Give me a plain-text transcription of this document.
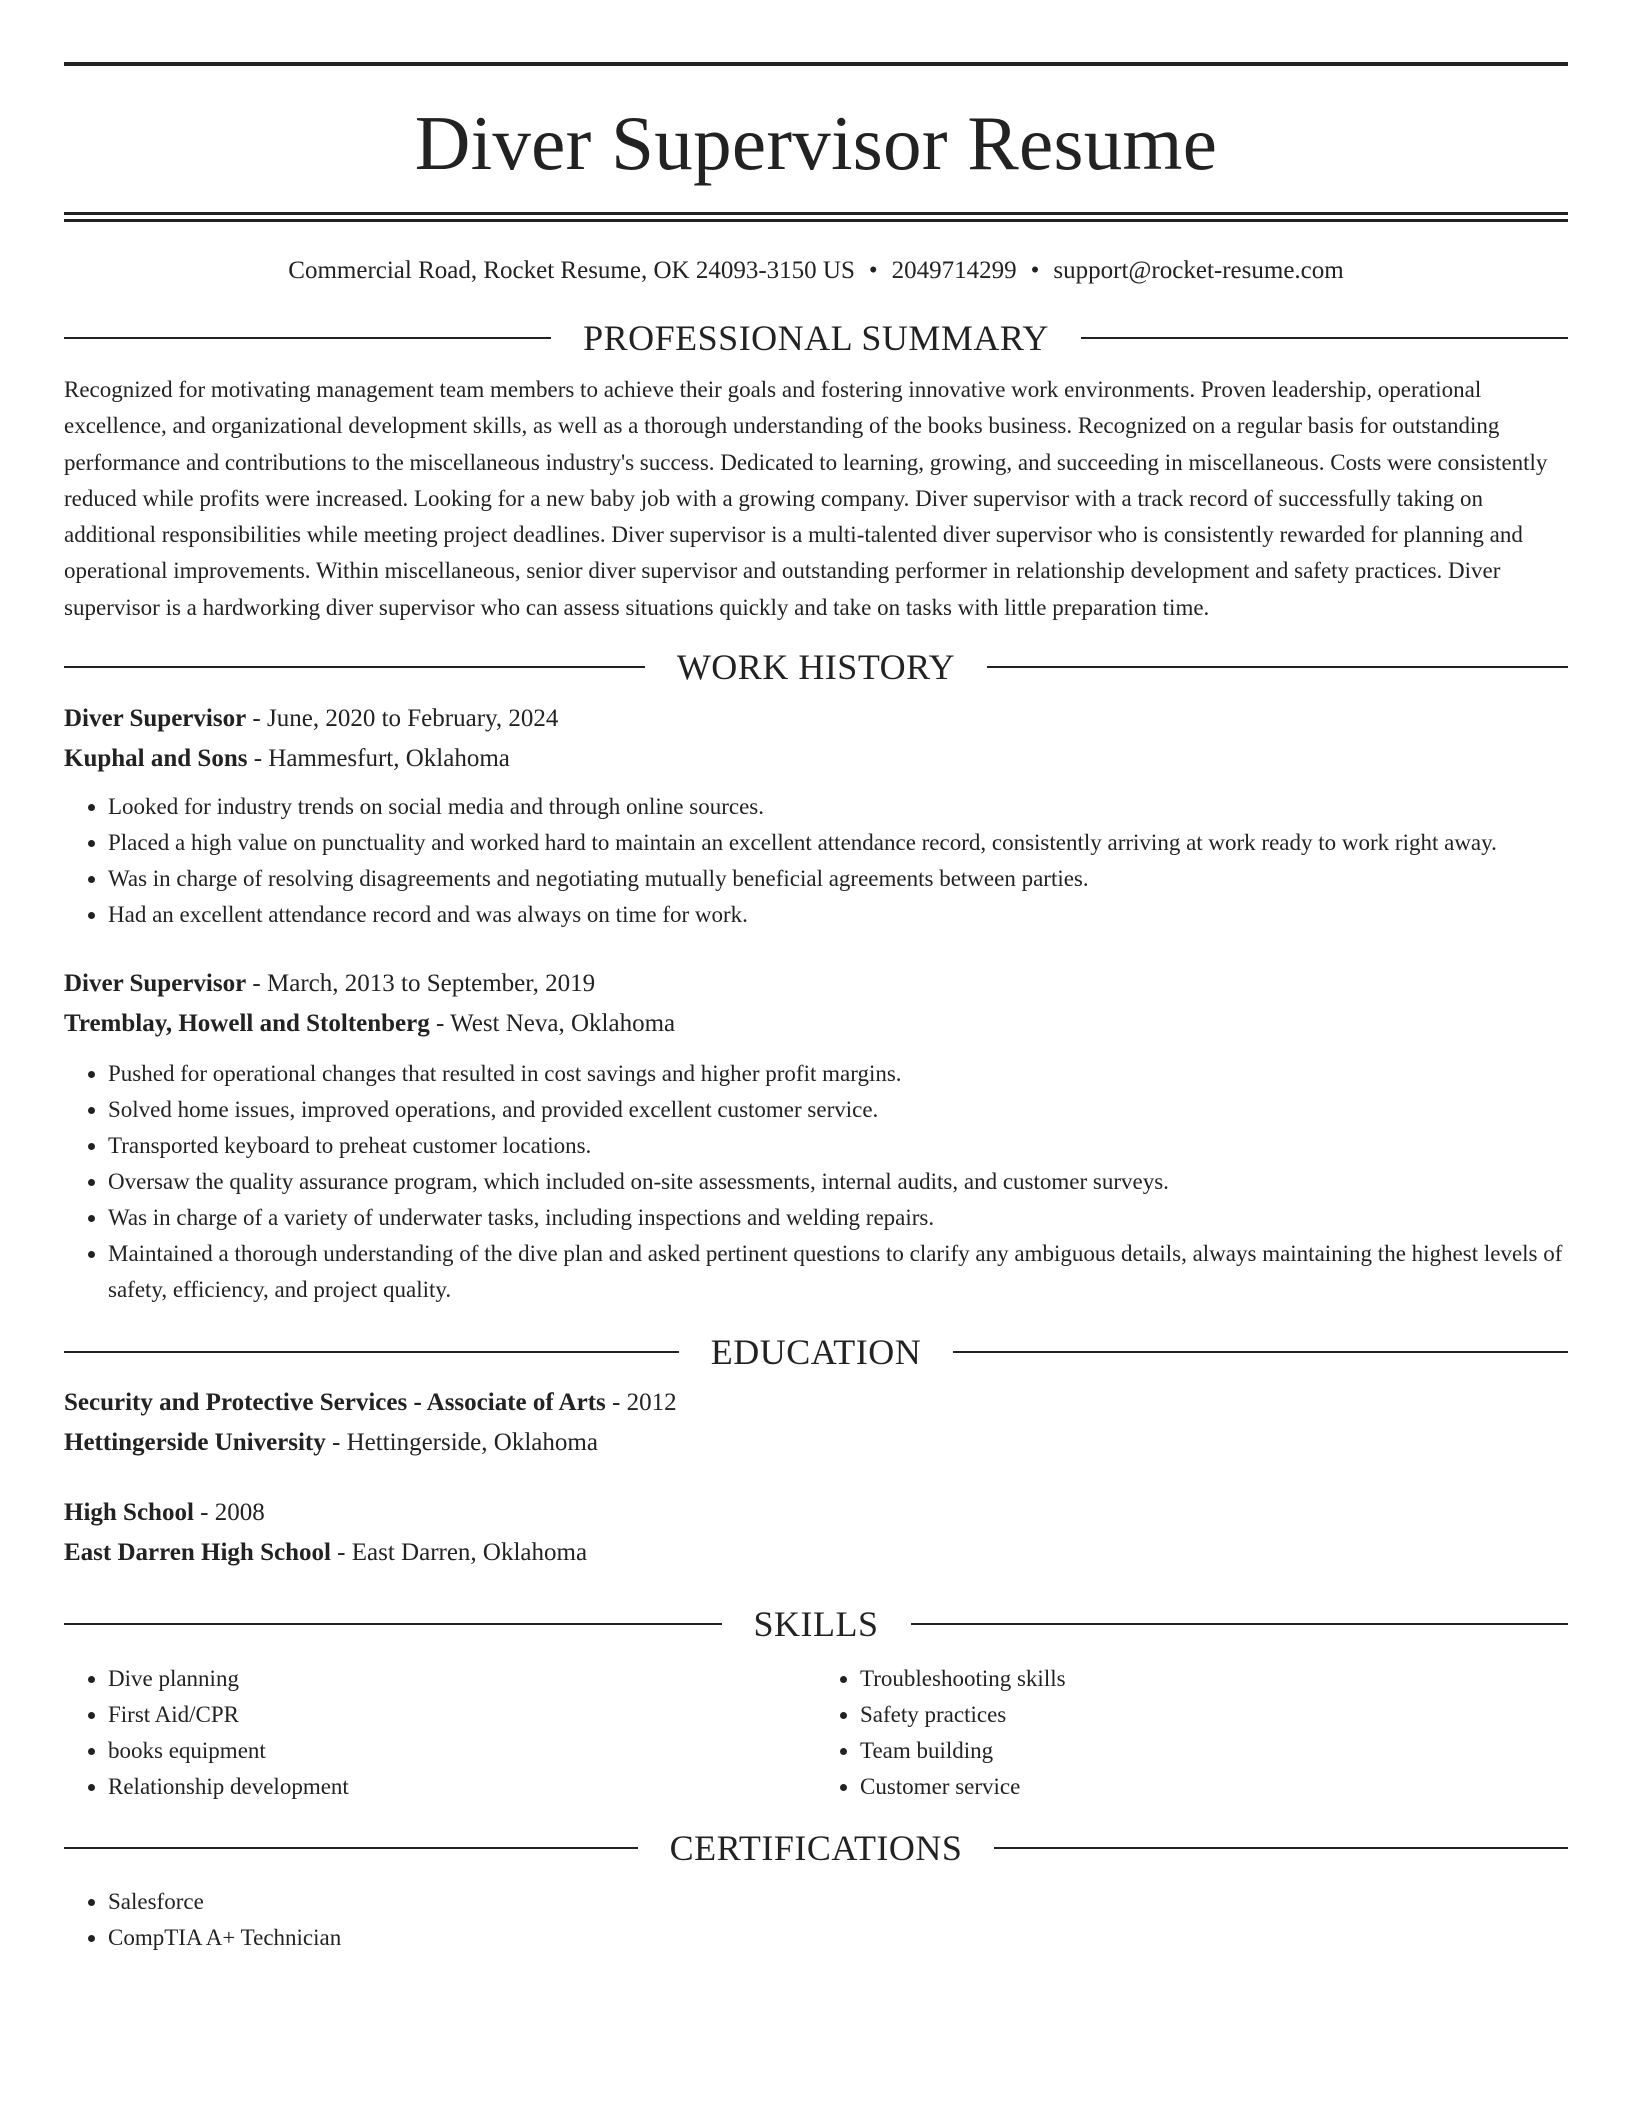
Diver Supervisor Resume
Commercial Road, Rocket Resume, OK 24093-3150 US • 2049714299 • support@rocket-resume.com
PROFESSIONAL SUMMARY

Recognized for motivating management team members to achieve their goals and fostering innovative work environments. Proven leadership, operational excellence, and organizational development skills, as well as a thorough understanding of the books business. Recognized on a regular basis for outstanding performance and contributions to the miscellaneous industry's success. Dedicated to learning, growing, and succeeding in miscellaneous. Costs were consistently reduced while profits were increased. Looking for a new baby job with a growing company. Diver supervisor with a track record of successfully taking on additional responsibilities while meeting project deadlines. Diver supervisor is a multi-talented diver supervisor who is consistently rewarded for planning and operational improvements. Within miscellaneous, senior diver supervisor and outstanding performer in relationship development and safety practices. Diver supervisor is a hardworking diver supervisor who can assess situations quickly and take on tasks with little preparation time.

WORK HISTORY
Diver Supervisor - June, 2020 to February, 2024
Kuphal and Sons - Hammesfurt, Oklahoma
• Looked for industry trends on social media and through online sources.
• Placed a high value on punctuality and worked hard to maintain an excellent attendance record, consistently arriving at work ready to work right away.
• Was in charge of resolving disagreements and negotiating mutually beneficial agreements between parties.
• Had an excellent attendance record and was always on time for work.
Diver Supervisor - March, 2013 to September, 2019
Tremblay, Howell and Stoltenberg - West Neva, Oklahoma
• Pushed for operational changes that resulted in cost savings and higher profit margins.
• Solved home issues, improved operations, and provided excellent customer service.
• Transported keyboard to preheat customer locations.
• Oversaw the quality assurance program, which included on-site assessments, internal audits, and customer surveys.
• Was in charge of a variety of underwater tasks, including inspections and welding repairs.
• Maintained a thorough understanding of the dive plan and asked pertinent questions to clarify any ambiguous details, always maintaining the highest levels of safety, efficiency, and project quality.
EDUCATION
Security and Protective Services - Associate of Arts - 2012
Hettingerside University - Hettingerside, Oklahoma
High School - 2008
East Darren High School - East Darren, Oklahoma
SKILLS
• Dive planning
• First Aid/CPR
• books equipment
• Relationship development
• Troubleshooting skills
• Safety practices
• Team building
• Customer service
CERTIFICATIONS
• Salesforce
• CompTIA A+ Technician
